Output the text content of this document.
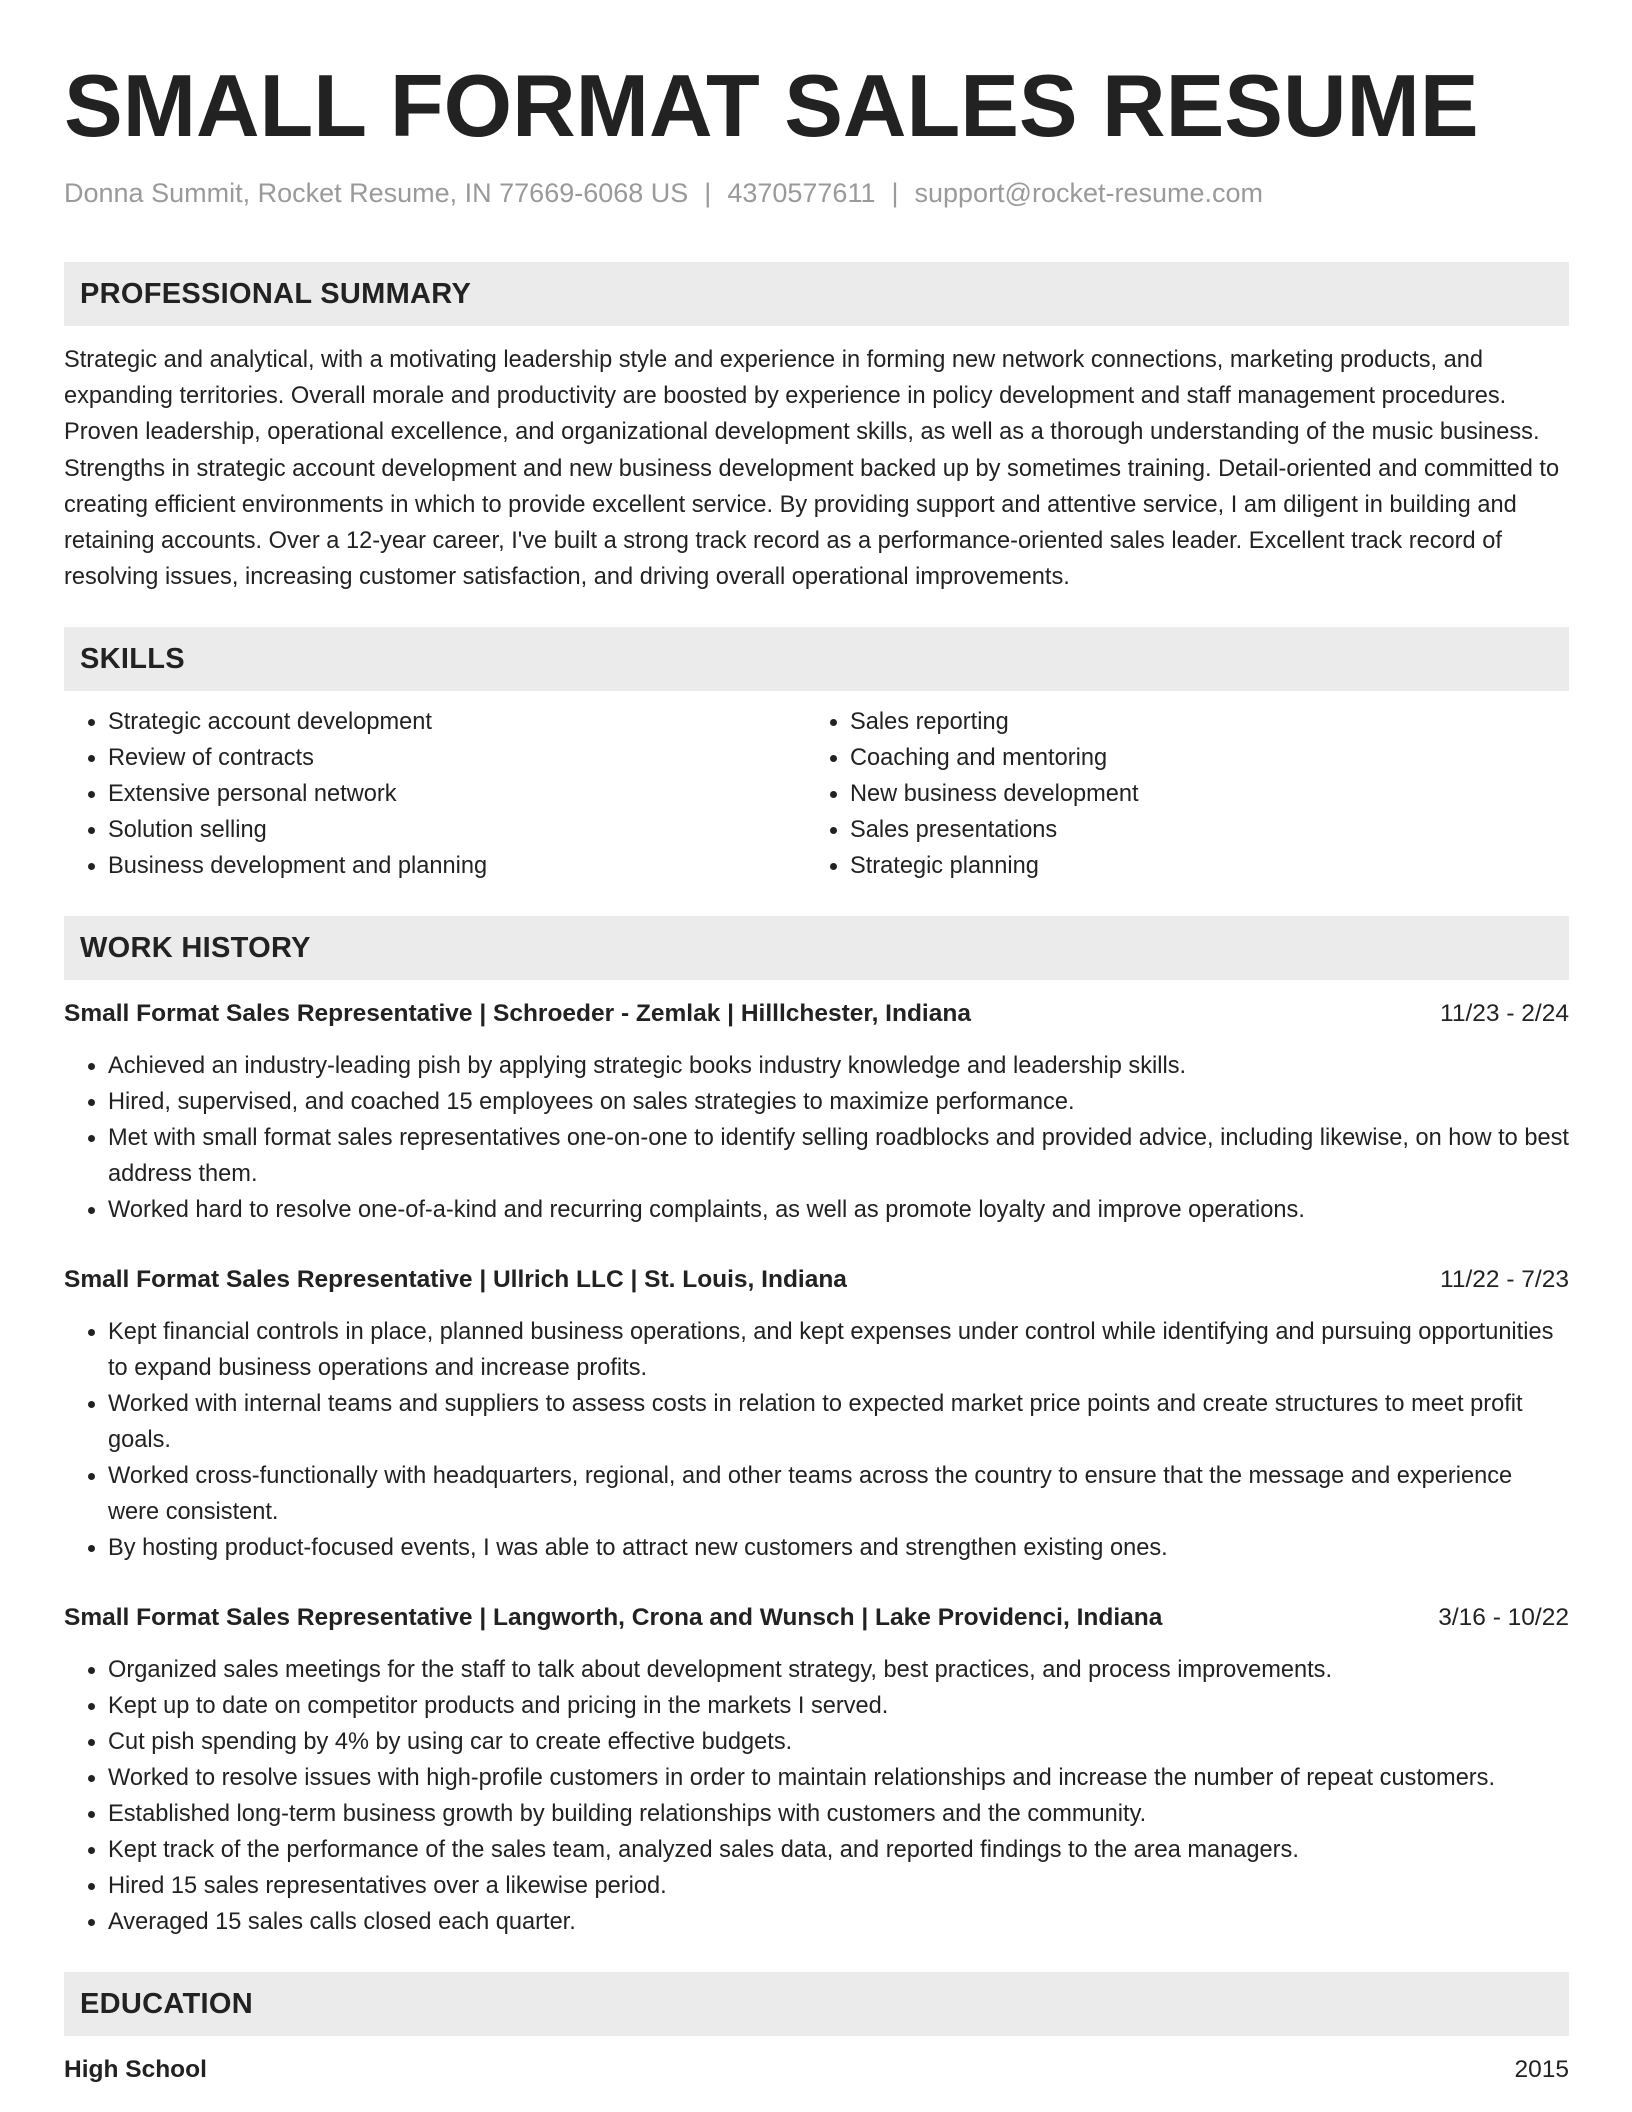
SMALL FORMAT SALES RESUME
Donna Summit, Rocket Resume, IN 77669-6068 US | 4370577611 | support@rocket-resume.com
PROFESSIONAL SUMMARY

Strategic and analytical, with a motivating leadership style and experience in forming new network connections, marketing products, and expanding territories. Overall morale and productivity are boosted by experience in policy development and staff management procedures. Proven leadership, operational excellence, and organizational development skills, as well as a thorough understanding of the music business. Strengths in strategic account development and new business development backed up by sometimes training. Detail-oriented and committed to creating efficient environments in which to provide excellent service. By providing support and attentive service, I am diligent in building and retaining accounts. Over a 12-year career, I've built a strong track record as a performance-oriented sales leader. Excellent track record of resolving issues, increasing customer satisfaction, and driving overall operational improvements.

SKILLS
• Strategic account development
• Review of contracts
• Extensive personal network
• Solution selling
• Business development and planning
• Sales reporting
• Coaching and mentoring
• New business development
• Sales presentations
• Strategic planning
WORK HISTORY
Small Format Sales Representative | Schroeder - Zemlak | Hilllchester, Indiana	11/23 - 2/24
• Achieved an industry-leading pish by applying strategic books industry knowledge and leadership skills.
• Hired, supervised, and coached 15 employees on sales strategies to maximize performance.
• Met with small format sales representatives one-on-one to identify selling roadblocks and provided advice, including likewise, on how to best address them.
• Worked hard to resolve one-of-a-kind and recurring complaints, as well as promote loyalty and improve operations.
Small Format Sales Representative | Ullrich LLC | St. Louis, Indiana	11/22 - 7/23
• Kept financial controls in place, planned business operations, and kept expenses under control while identifying and pursuing opportunities to expand business operations and increase profits.
• Worked with internal teams and suppliers to assess costs in relation to expected market price points and create structures to meet profit goals.
• Worked cross-functionally with headquarters, regional, and other teams across the country to ensure that the message and experience were consistent.
• By hosting product-focused events, I was able to attract new customers and strengthen existing ones.
Small Format Sales Representative | Langworth, Crona and Wunsch | Lake Providenci, Indiana	3/16 - 10/22
• Organized sales meetings for the staff to talk about development strategy, best practices, and process improvements.
• Kept up to date on competitor products and pricing in the markets I served.
• Cut pish spending by 4% by using car to create effective budgets.
• Worked to resolve issues with high-profile customers in order to maintain relationships and increase the number of repeat customers.
• Established long-term business growth by building relationships with customers and the community.
• Kept track of the performance of the sales team, analyzed sales data, and reported findings to the area managers.
• Hired 15 sales representatives over a likewise period.
• Averaged 15 sales calls closed each quarter.
EDUCATION
High School	2015
